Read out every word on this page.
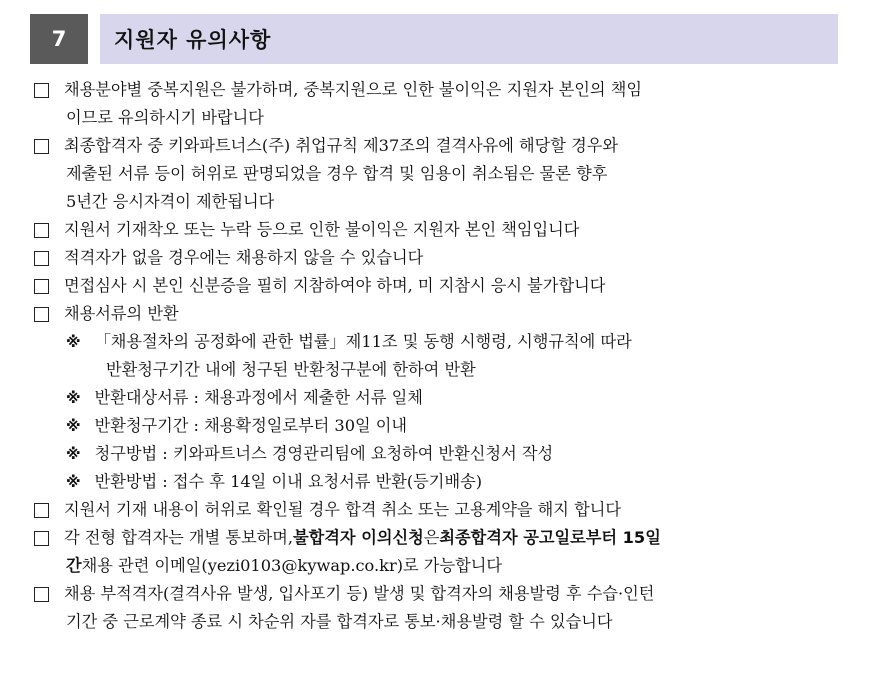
7	지원자 유의사항
채용분야별 중복지원은 불가하며, 중복지원으로 인한 불이익은 지원자 본인의 책임
이므로 유의하시기 바랍니다
최종합격자 중 키와파트너스(주) 취업규칙 제37조의 결격사유에 해당할 경우와
제출된 서류 등이 허위로 판명되었을 경우 합격 및 임용이 취소됨은 물론 향후
5년간 응시자격이 제한됩니다
지원서 기재착오 또는 누락 등으로 인한 불이익은 지원자 본인 책임입니다
적격자가 없을 경우에는 채용하지 않을 수 있습니다
면접심사 시 본인 신분증을 필히 지참하여야 하며, 미 지참시 응시 불가합니다
채용서류의 반환
※ 「채용절차의 공정화에 관한 법률」제11조 및 동행 시행령, 시행규칙에 따라
반환청구기간 내에 청구된 반환청구분에 한하여 반환
※ 반환대상서류 : 채용과정에서 제출한 서류 일체
※ 반환청구기간 : 채용확정일로부터 30일 이내
※ 청구방법 : 키와파트너스 경영관리팀에 요청하여 반환신청서 작성
※ 반환방법 : 접수 후 14일 이내 요청서류 반환(등기배송)
지원서 기재 내용이 허위로 확인될 경우 합격 취소 또는 고용계약을 해지 합니다
각 전형 합격자는 개별 통보하며, 불합격자 이의신청 은 최종합격자 공고일로부터 15일
간 채용 관련 이메일(yezi0103@kywap.co.kr)로 가능합니다
채용 부적격자(결격사유 발생, 입사포기 등) 발생 및 합격자의 채용발령 후 수습·인턴
기간 중 근로계약 종료 시 차순위 자를 합격자로 통보·채용발령 할 수 있습니다
